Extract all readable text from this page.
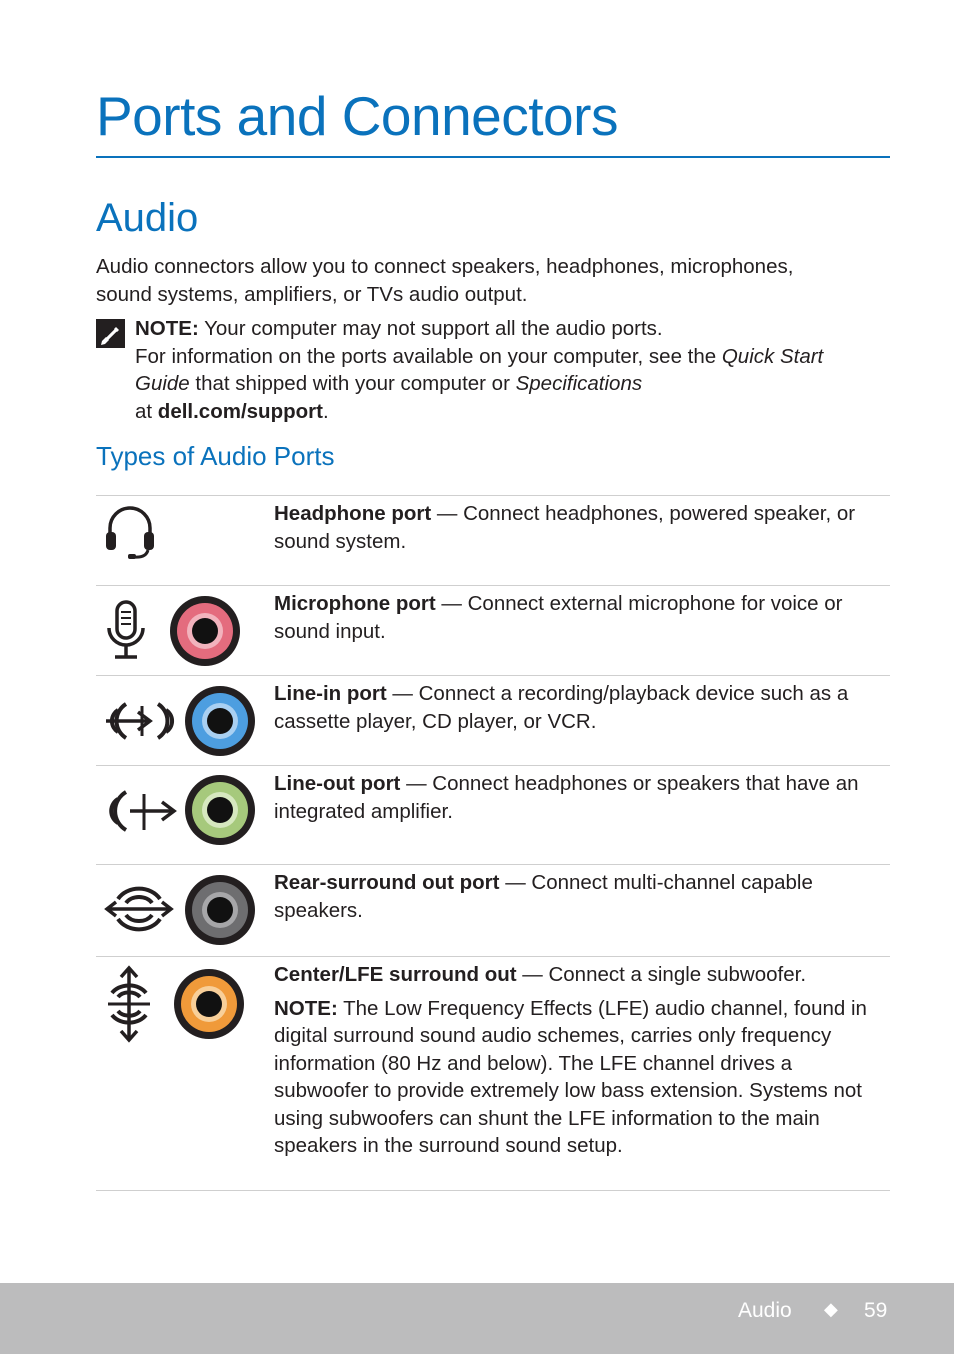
Ports and Connectors
Audio

Audio connectors allow you to connect speakers, headphones, microphones, sound systems, amplifiers, or TVs audio output.

NOTE: Your computer may not support all the audio ports.
For information on the ports available on your computer, see the Quick Start Guide that shipped with your computer or Specifications
at dell.com/support.

Types of Audio Ports

Headphone port — Connect headphones, powered speaker, or sound system.

Microphone port — Connect external microphone for voice or sound input.

Line-in port — Connect a recording/playback device such as a cassette player, CD player, or VCR.

Line-out port — Connect headphones or speakers that have an integrated amplifier.

Rear-surround out port — Connect multi-channel capable speakers.

Center/LFE surround out — Connect a single subwoofer.

NOTE: The Low Frequency Effects (LFE) audio channel, found in digital surround sound audio schemes, carries only frequency information (80 Hz and below). The LFE channel drives a subwoofer to provide extremely low bass extension. Systems not using subwoofers can shunt the LFE information to the main speakers in the surround sound setup.

Audio ◆ 59
